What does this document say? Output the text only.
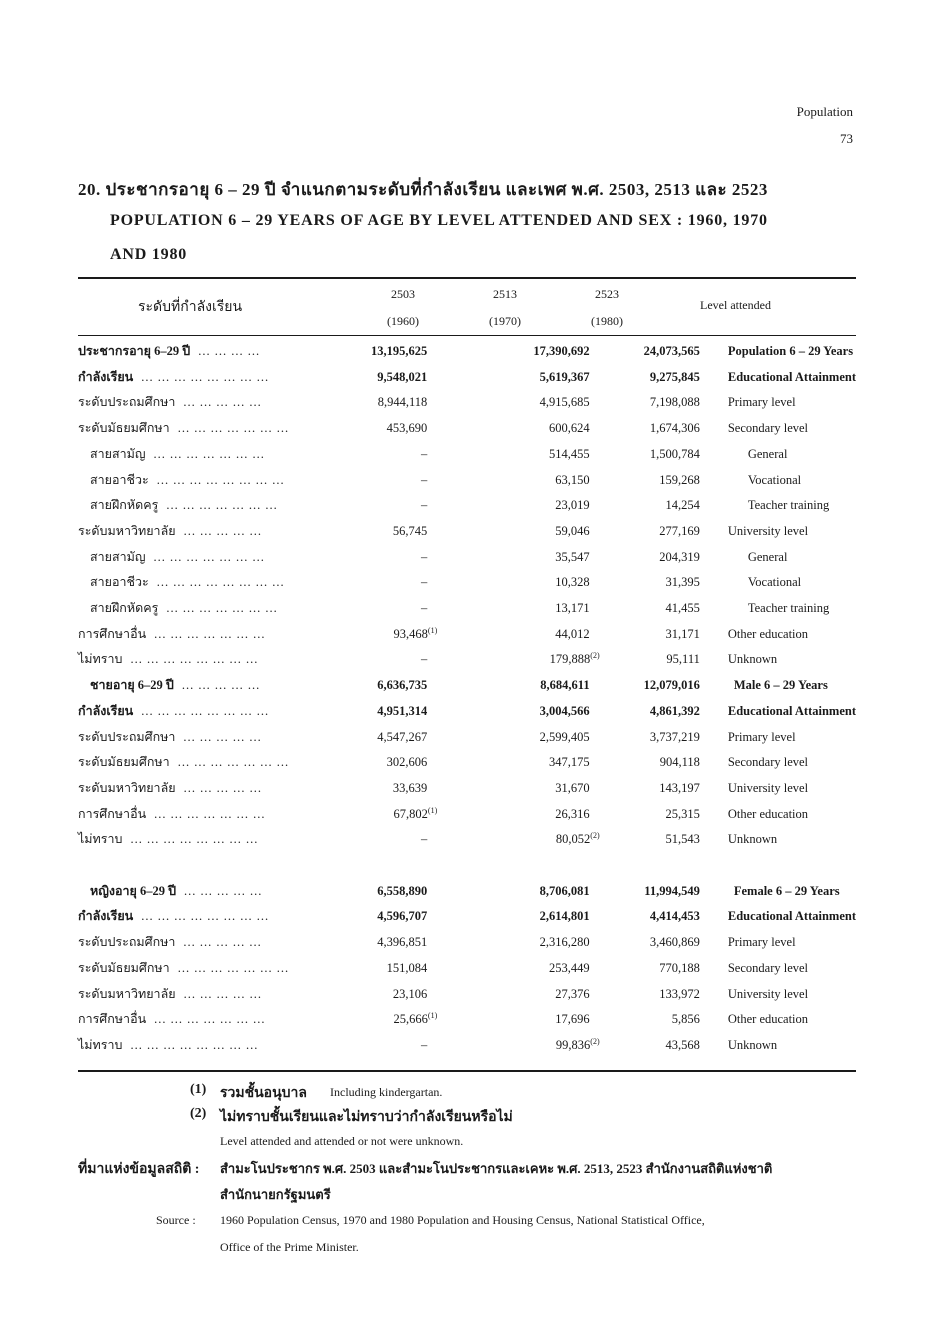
Population
73
20. ประชากรอายุ 6 – 29 ปี จำแนกตามระดับที่กำลังเรียน และเพศ พ.ศ. 2503, 2513 และ 2523
POPULATION 6 – 29 YEARS OF AGE BY LEVEL ATTENDED AND SEX : 1960, 1970
AND 1980
ระดับที่กำลังเรียน
2503
(1960)
2513
(1970)
2523
(1980)
Level attended
ประชากรอายุ 6–29 ปี ... ... ... ...	13,195,625	17,390,692	24,073,565	Population 6 – 29 Years
กำลังเรียน ... ... ... ... ... ... ... ...	9,548,021	5,619,367	9,275,845	Educational Attainment
ระดับประถมศึกษา ... ... ... ... ...	8,944,118	4,915,685	7,198,088	Primary level
ระดับมัธยมศึกษา ... ... ... ... ... ... ...	453,690	600,624	1,674,306	Secondary level
สายสามัญ ... ... ... ... ... ... ...	–	514,455	1,500,784	General
สายอาชีวะ ... ... ... ... ... ... ... ...	–	63,150	159,268	Vocational
สายฝึกหัดครู ... ... ... ... ... ... ...	–	23,019	14,254	Teacher training
ระดับมหาวิทยาลัย ... ... ... ... ...	56,745	59,046	277,169	University level
สายสามัญ ... ... ... ... ... ... ...	–	35,547	204,319	General
สายอาชีวะ ... ... ... ... ... ... ... ...	–	10,328	31,395	Vocational
สายฝึกหัดครู ... ... ... ... ... ... ...	–	13,171	41,455	Teacher training
การศึกษาอื่น ... ... ... ... ... ... ...	93,468$^{(1)}$	44,012	31,171	Other education
ไม่ทราบ ... ... ... ... ... ... ... ...	–	179,888$^{(2)}$	95,111	Unknown
ชายอายุ 6–29 ปี ... ... ... ... ...	6,636,735	8,684,611	12,079,016	Male 6 – 29 Years
กำลังเรียน ... ... ... ... ... ... ... ...	4,951,314	3,004,566	4,861,392	Educational Attainment
ระดับประถมศึกษา ... ... ... ... ...	4,547,267	2,599,405	3,737,219	Primary level
ระดับมัธยมศึกษา ... ... ... ... ... ... ...	302,606	347,175	904,118	Secondary level
ระดับมหาวิทยาลัย ... ... ... ... ...	33,639	31,670	143,197	University level
การศึกษาอื่น ... ... ... ... ... ... ...	67,802$^{(1)}$	26,316	25,315	Other education
ไม่ทราบ ... ... ... ... ... ... ... ...	–	80,052$^{(2)}$	51,543	Unknown

หญิงอายุ 6–29 ปี ... ... ... ... ...	6,558,890	8,706,081	11,994,549	Female 6 – 29 Years
กำลังเรียน ... ... ... ... ... ... ... ...	4,596,707	2,614,801	4,414,453	Educational Attainment
ระดับประถมศึกษา ... ... ... ... ...	4,396,851	2,316,280	3,460,869	Primary level
ระดับมัธยมศึกษา ... ... ... ... ... ... ...	151,084	253,449	770,188	Secondary level
ระดับมหาวิทยาลัย ... ... ... ... ...	23,106	27,376	133,972	University level
การศึกษาอื่น ... ... ... ... ... ... ...	25,666$^{(1)}$	17,696	5,856	Other education
ไม่ทราบ ... ... ... ... ... ... ... ...	–	99,836$^{(2)}$	43,568	Unknown
(1) รวมชั้นอนุบาล Including kindergartan.
(2) ไม่ทราบชั้นเรียนและไม่ทราบว่ากำลังเรียนหรือไม่
Level attended and attended or not were unknown.
ที่มาแห่งข้อมูลสถิติ : สำมะโนประชากร พ.ศ. 2503 และสำมะโนประชากรและเคหะ พ.ศ. 2513, 2523 สำนักงานสถิติแห่งชาติ
สำนักนายกรัฐมนตรี
Source : 1960 Population Census, 1970 and 1980 Population and Housing Census, National Statistical Office,
Office of the Prime Minister.
